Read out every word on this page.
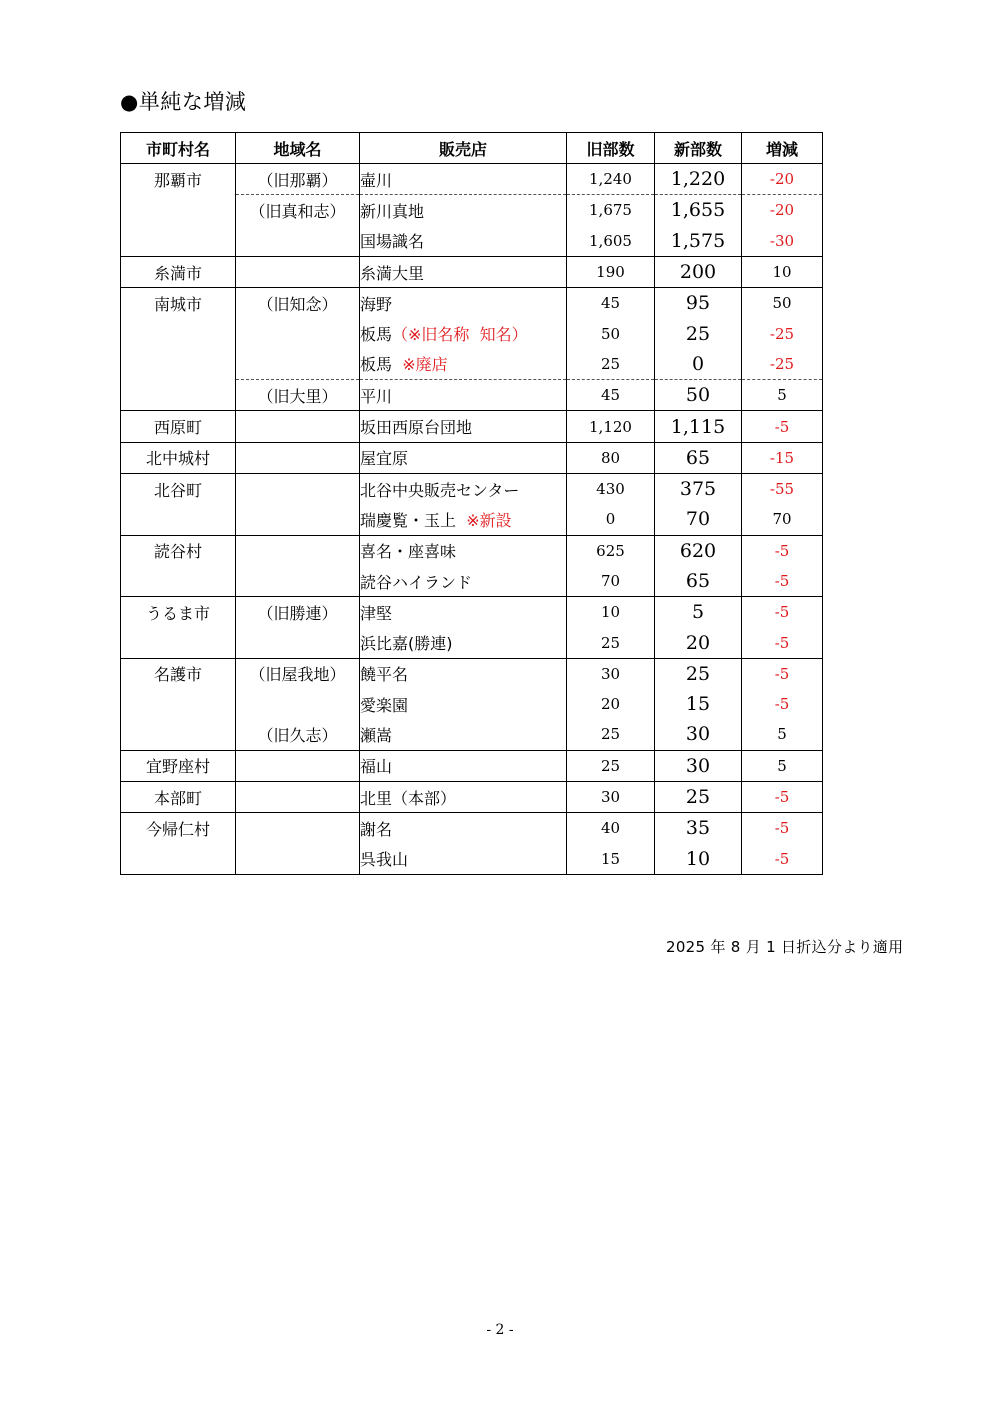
●単純な増減
市町村名	地域名	販売店	旧部数	新部数	増減
那覇市	（旧那覇）	壷川	1,240	1,220	-20
	（旧真和志）	新川真地	1,675	1,655	-20
		国場識名	1,605	1,575	-30
糸満市		糸満大里	190	200	10
南城市	（旧知念）	海野	45	95	50
		板馬（※旧名称  知名）	50	25	-25
		板馬  ※廃店	25	0	-25
	（旧大里）	平川	45	50	5
西原町		坂田西原台団地	1,120	1,115	-5
北中城村		屋宜原	80	65	-15
北谷町		北谷中央販売センター	430	375	-55
		瑞慶覧・玉上  ※新設	0	70	70
読谷村		喜名・座喜味	625	620	-5
		読谷ハイランド	70	65	-5
うるま市	（旧勝連）	津堅	10	5	-5
		浜比嘉(勝連)	25	20	-5
名護市	（旧屋我地）	饒平名	30	25	-5
		愛楽園	20	15	-5
	（旧久志）	瀬嵩	25	30	5
宜野座村		福山	25	30	5
本部町		北里（本部）	30	25	-5
今帰仁村		謝名	40	35	-5
		呉我山	15	10	-5
2025 年 8 月 1 日折込分より適用
- 2 -
